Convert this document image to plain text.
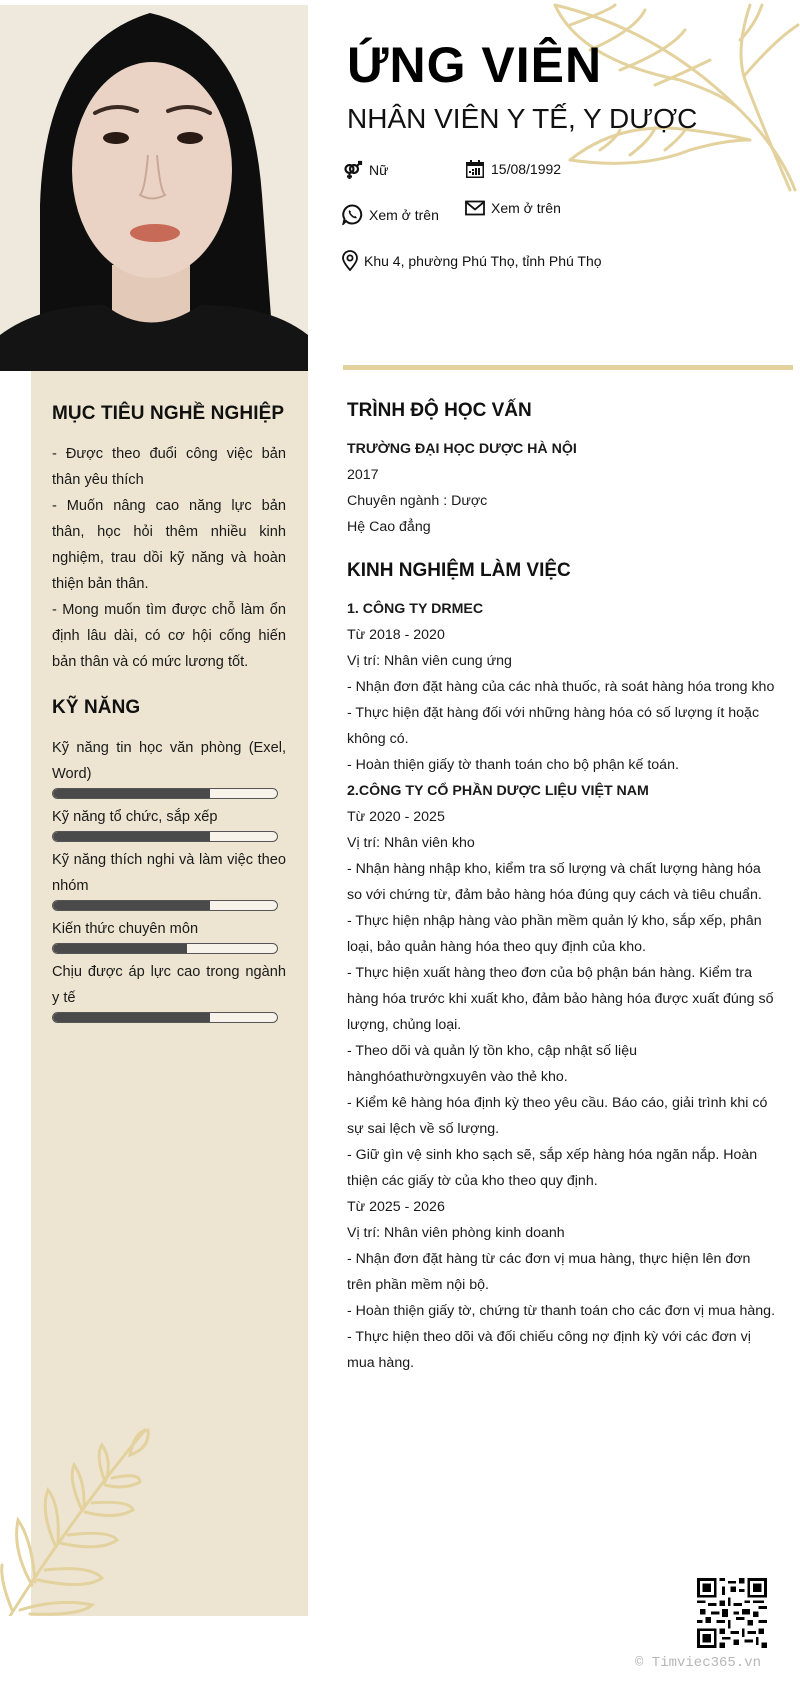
MỤC TIÊU NGHỀ NGHIỆP

- Được theo đuổi công việc bản thân yêu thích

- Muốn nâng cao năng lực bản thân, học hỏi thêm nhiều kinh nghiệm, trau dồi kỹ năng và hoàn thiện bản thân.

- Mong muốn tìm được chỗ làm ổn định lâu dài, có cơ hội cống hiến bản thân và có mức lương tốt.

KỸ NĂNG
Kỹ năng tin học văn phòng (Exel, Word)
Kỹ năng tổ chức, sắp xếp
Kỹ năng thích nghi và làm việc theo nhóm
Kiến thức chuyên môn
Chịu được áp lực cao trong ngành y tế
ỨNG VIÊN
NHÂN VIÊN Y TẾ, Y DƯỢC
Nữ	15/08/1992
Xem ở trên	Xem ở trên
Khu 4, phường Phú Thọ, tỉnh Phú Thọ
TRÌNH ĐỘ HỌC VẤN
TRƯỜNG ĐẠI HỌC DƯỢC HÀ NỘI
2017
Chuyên ngành : Dược
Hệ Cao đẳng
KINH NGHIỆM LÀM VIỆC
1. CÔNG TY DRMEC
Từ 2018 - 2020
Vị trí: Nhân viên cung ứng
- Nhận đơn đặt hàng của các nhà thuốc, rà soát hàng hóa trong kho
- Thực hiện đặt hàng đối với những hàng hóa có số lượng ít hoặc không có.
- Hoàn thiện giấy tờ thanh toán cho bộ phận kế toán.
2.CÔNG TY CỔ PHẦN DƯỢC LIỆU VIỆT NAM
Từ 2020 - 2025
Vị trí: Nhân viên kho
- Nhận hàng nhập kho, kiểm tra số lượng và chất lượng hàng hóa so với chứng từ, đảm bảo hàng hóa đúng quy cách và tiêu chuẩn.
- Thực hiện nhập hàng vào phần mềm quản lý kho, sắp xếp, phân loại, bảo quản hàng hóa theo quy định của kho.
- Thực hiện xuất hàng theo đơn của bộ phận bán hàng. Kiểm tra hàng hóa trước khi xuất kho, đảm bảo hàng hóa được xuất đúng số lượng, chủng loại.
- Theo dõi và quản lý tồn kho, cập nhật số liệu hànghóathườngxuyên vào thẻ kho.
- Kiểm kê hàng hóa định kỳ theo yêu cầu. Báo cáo, giải trình khi có sự sai lệch về số lượng.
- Giữ gìn vệ sinh kho sạch sẽ, sắp xếp hàng hóa ngăn nắp. Hoàn thiện các giấy tờ của kho theo quy định.
Từ 2025 - 2026
Vị trí: Nhân viên phòng kinh doanh
- Nhận đơn đặt hàng từ các đơn vị mua hàng, thực hiện lên đơn trên phần mềm nội bộ.
- Hoàn thiện giấy tờ, chứng từ thanh toán cho các đơn vị mua hàng.
- Thực hiện theo dõi và đối chiếu công nợ định kỳ với các đơn vị mua hàng.
© Timviec365.vn
